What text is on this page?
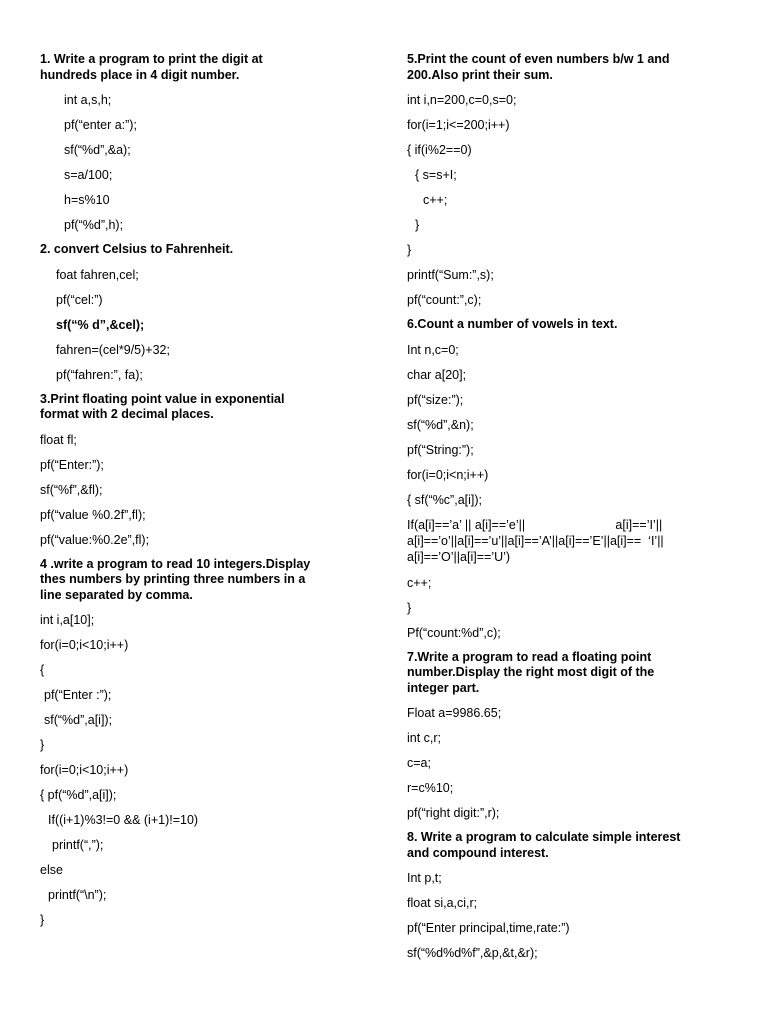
1. Write a program to print the digit at
hundreds place in 4 digit number.
int a,s,h;
pf(“enter a:”);
sf(“%d”,&a);
s=a/100;
h=s%10
pf(“%d”,h);
2. convert Celsius to Fahrenheit.
foat fahren,cel;
pf(“cel:”)
sf(“% d”,&cel);
fahren=(cel*9/5)+32;
pf(“fahren:”, fa);
3.Print floating point value in exponential
format with 2 decimal places.
float fl;
pf(“Enter:”);
sf(“%f”,&fl);
pf(“value %0.2f”,fl);
pf(“value:%0.2e”,fl);
4 .write a program to read 10 integers.Display
thes numbers by printing three numbers in a
line separated by comma.
int i,a[10];
for(i=0;i<10;i++)
{
pf(“Enter :”);
sf(“%d”,a[i]);
}
for(i=0;i<10;i++)
{ pf(“%d”,a[i]);
If((i+1)%3!=0 && (i+1)!=10)
printf(“,”);
else
printf(“\n”);
}
5.Print the count of even numbers b/w 1 and
200.Also print their sum.
int i,n=200,c=0,s=0;
for(i=1;i<=200;i++)
{ if(i%2==0)
{ s=s+I;
c++;
}
}
printf(“Sum:”,s);
pf(“count:”,c);
6.Count a number of vowels in text.
Int n,c=0;
char a[20];
pf(“size:”);
sf(“%d”,&n);
pf(“String:”);
for(i=0;i<n;i++)
{ sf(“%c”,a[i]);
If(a[i]==’a’ || a[i]==’e’||                          a[i]==’I’||
a[i]==’o’||a[i]==’u’||a[i]==’A’||a[i]==’E’||a[i]==  ‘I’||
a[i]==’O’||a[i]==’U’)
c++;
}
Pf(“count:%d”,c);
7.Write a program to read a floating point
number.Display the right most digit of the
integer part.
Float a=9986.65;
int c,r;
c=a;
r=c%10;
pf(“right digit:”,r);
8. Write a program to calculate simple interest
and compound interest.
Int p,t;
float si,a,ci,r;
pf(“Enter principal,time,rate:”)
sf(“%d%d%f”,&p,&t,&r);
